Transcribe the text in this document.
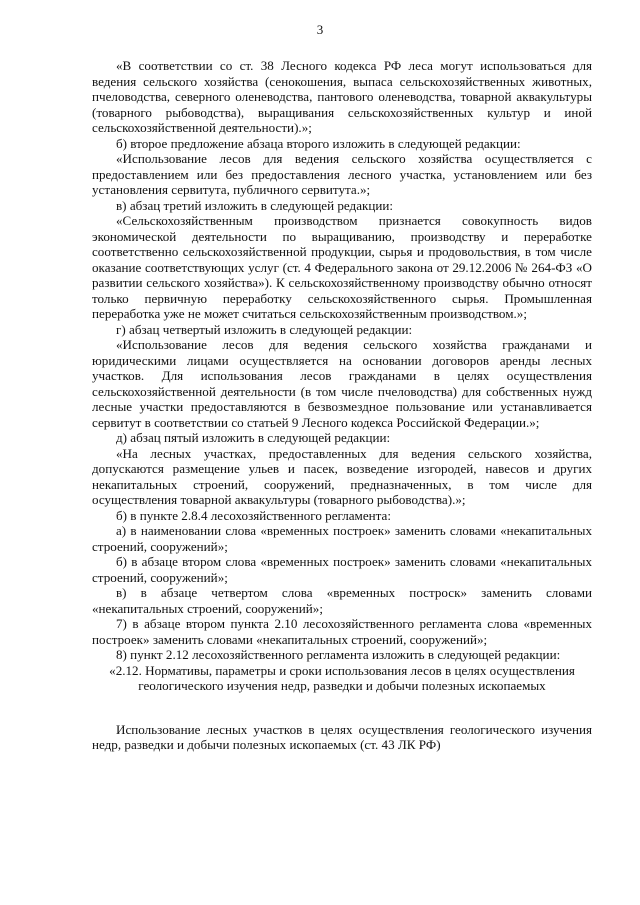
3

«В соответствии со ст. 38 Лесного кодекса РФ леса могут использоваться для ведения сельского хозяйства (сенокошения, выпаса сельскохозяйственных животных, пчеловодства, северного оленеводства, пантового оленеводства, товарной аквакультуры (товарного рыбоводства), выращивания сельскохозяйственных культур и иной сельскохозяйственной деятельности).»;

б) второе предложение абзаца второго изложить в следующей редакции:

«Использование лесов для ведения сельского хозяйства осуществляется с предоставлением или без предоставления лесного участка, установлением или без установления сервитута, публичного сервитута.»;

в) абзац третий изложить в следующей редакции:

«Сельскохозяйственным производством признается совокупность видов экономической деятельности по выращиванию, производству и переработке соответственно сельскохозяйственной продукции, сырья и продовольствия, в том числе оказание соответствующих услуг (ст. 4 Федерального закона от 29.12.2006 № 264-ФЗ «О развитии сельского хозяйства»). К сельскохозяйственному производству обычно относят только первичную переработку сельскохозяйственного сырья. Промышленная переработка уже не может считаться сельскохозяйственным производством.»;

г) абзац четвертый изложить в следующей редакции:

«Использование лесов для ведения сельского хозяйства гражданами и юридическими лицами осуществляется на основании договоров аренды лесных участков. Для использования лесов гражданами в целях осуществления сельскохозяйственной деятельности (в том числе пчеловодства) для собственных нужд лесные участки предоставляются в безвозмездное пользование или устанавливается сервитут в соответствии со статьей 9 Лесного кодекса Российской Федерации.»;

д) абзац пятый изложить в следующей редакции:

«На лесных участках, предоставленных для ведения сельского хозяйства, допускаются размещение ульев и пасек, возведение изгородей, навесов и других некапитальных строений, сооружений, предназначенных, в том числе для осуществления товарной аквакультуры (товарного рыбоводства).»;

б) в пункте 2.8.4 лесохозяйственного регламента:

а) в наименовании слова «временных построек» заменить словами «некапитальных строений, сооружений»;

б) в абзаце втором слова «временных построек» заменить словами «некапитальных строений, сооружений»;

в) в абзаце четвертом слова «временных построск» заменить словами «некапитальных строений, сооружений»;

7) в абзаце втором пункта 2.10 лесохозяйственного регламента слова «временных построек» заменить словами «некапитальных строений, сооружений»;

8) пункт 2.12 лесохозяйственного регламента изложить в следующей редакции:

«2.12. Нормативы, параметры и сроки использования лесов в целях осуществления геологического изучения недр, разведки и добычи полезных ископаемых

Использование лесных участков в целях осуществления геологического изучения недр, разведки и добычи полезных ископаемых (ст. 43 ЛК РФ)
